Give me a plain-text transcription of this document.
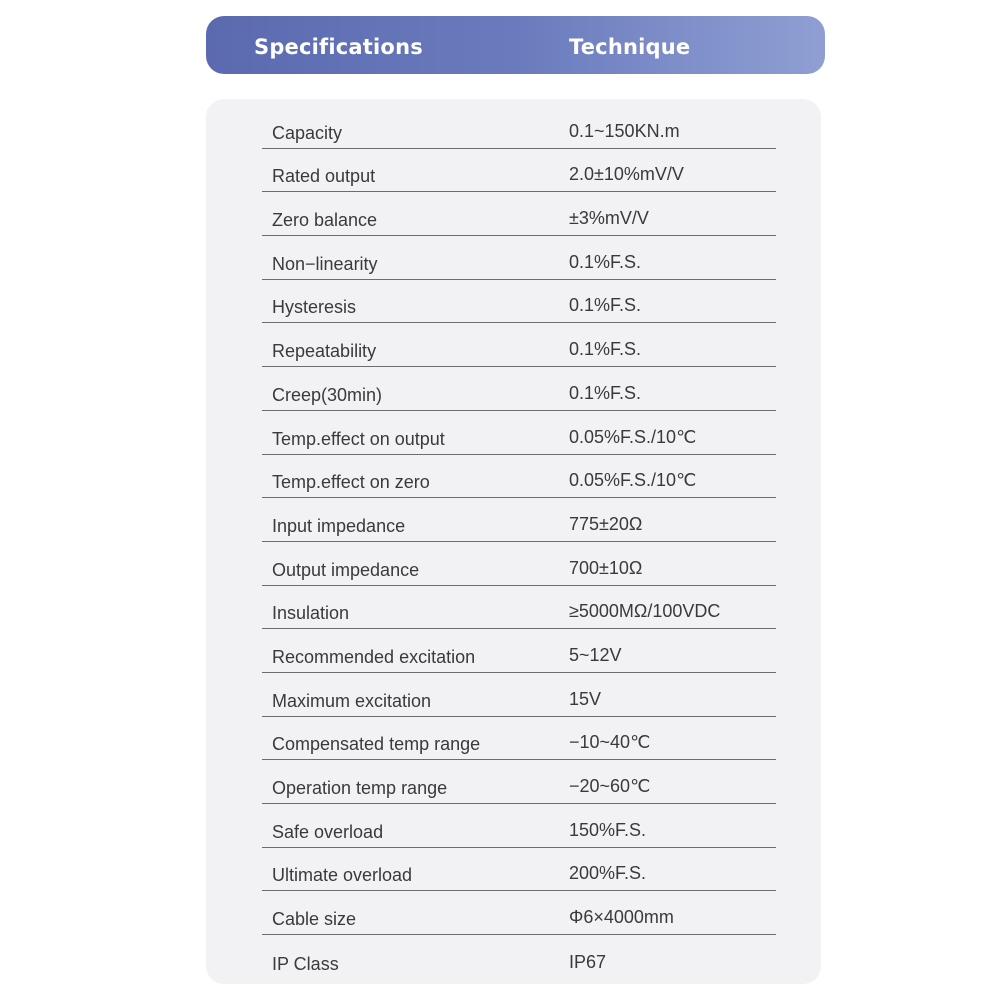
Specifications	Technique
Capacity	0.1~150KN.m
Rated output	2.0±10%mV/V
Zero balance	±3%mV/V
Non−linearity	0.1%F.S.
Hysteresis	0.1%F.S.
Repeatability	0.1%F.S.
Creep(30min)	0.1%F.S.
Temp.effect on output	0.05%F.S./10℃
Temp.effect on zero	0.05%F.S./10℃
Input impedance	775±20Ω
Output impedance	700±10Ω
Insulation	≥5000MΩ/100VDC
Recommended excitation	5~12V
Maximum excitation	15V
Compensated temp range	−10~40℃
Operation temp range	−20~60℃
Safe overload	150%F.S.
Ultimate overload	200%F.S.
Cable size	Φ6×4000mm
IP Class	IP67
